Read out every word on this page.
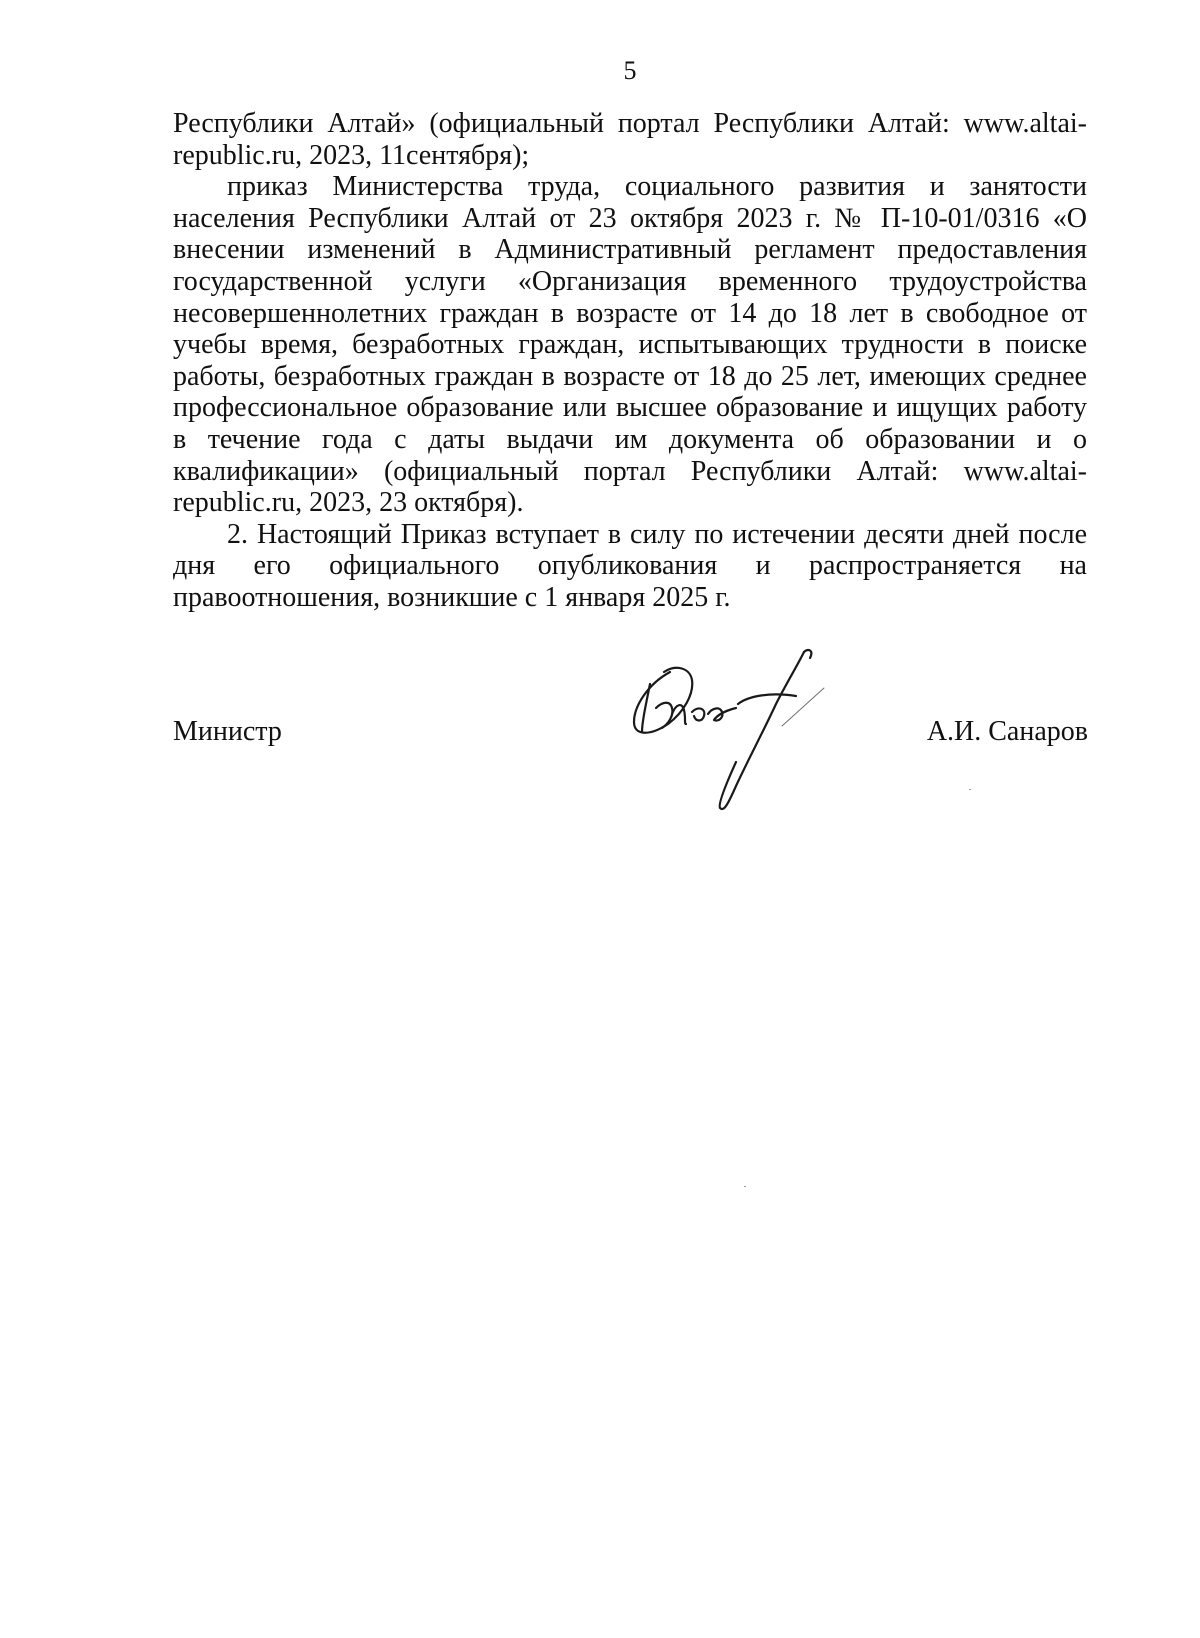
5

Республики Алтай» (официальный портал Республики Алтай: www.altai-republic.ru, 2023, 11сентября);

приказ Министерства труда, социального развития и занятости населения Республики Алтай от 23 октября 2023 г. № П-10-01/0316 «О внесении изменений в Административный регламент предоставления государственной услуги «Организация временного трудоустройства несовершеннолетних граждан в возрасте от 14 до 18 лет в свободное от учебы время, безработных граждан, испытывающих трудности в поиске работы, безработных граждан в возрасте от 18 до 25 лет, имеющих среднее профессиональное образование или высшее образование и ищущих работу в течение года с даты выдачи им документа об образовании и о квалификации» (официальный портал Республики Алтай: www.altai-republic.ru, 2023, 23 октября).

2. Настоящий Приказ вступает в силу по истечении десяти дней после дня его официального опубликования и распространяется на правоотношения, возникшие с 1 января 2025 г.

Министр	А.И. Санаров
